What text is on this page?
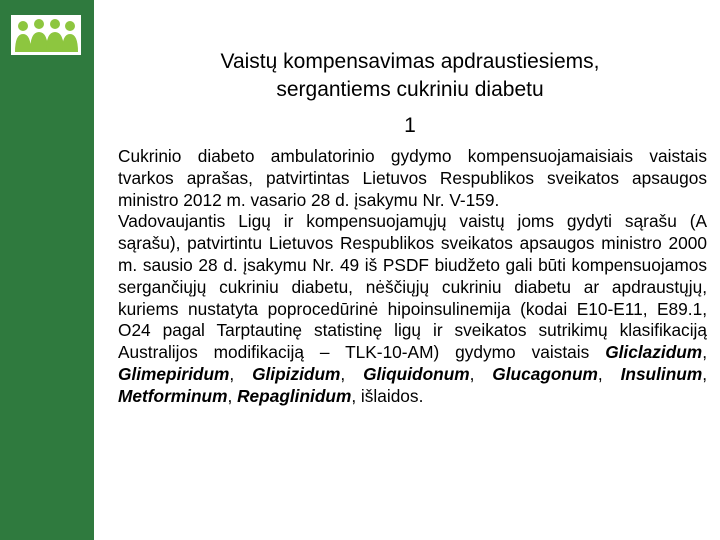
Vaistų kompensavimas apdraustiesiems,
sergantiems cukriniu diabetu
1

Cukrinio diabeto ambulatorinio gydymo kompensuojamaisiais vaistais tvarkos aprašas, patvirtintas Lietuvos Respublikos sveikatos apsaugos ministro 2012 m. vasario 28 d. įsakymu Nr. V-159.

Vadovaujantis Ligų ir kompensuojamųjų vaistų joms gydyti sąrašu (A sąrašu), patvirtintu Lietuvos Respublikos sveikatos apsaugos ministro 2000 m. sausio 28 d. įsakymu Nr. 49 iš PSDF biudžeto gali būti kompensuojamos sergančiųjų cukriniu diabetu, nėščiųjų cukriniu diabetu ar apdraustųjų, kuriems nustatyta poprocedūrinė hipoinsulinemija (kodai E10-E11, E89.1, O24 pagal Tarptautinę statistinę ligų ir sveikatos sutrikimų klasifikaciją Australijos modifikaciją – TLK-10-AM) gydymo vaistais Gliclazidum, Glimepiridum, Glipizidum, Gliquidonum, Glucagonum, Insulinum, Metforminum, Repaglinidum, išlaidos.
